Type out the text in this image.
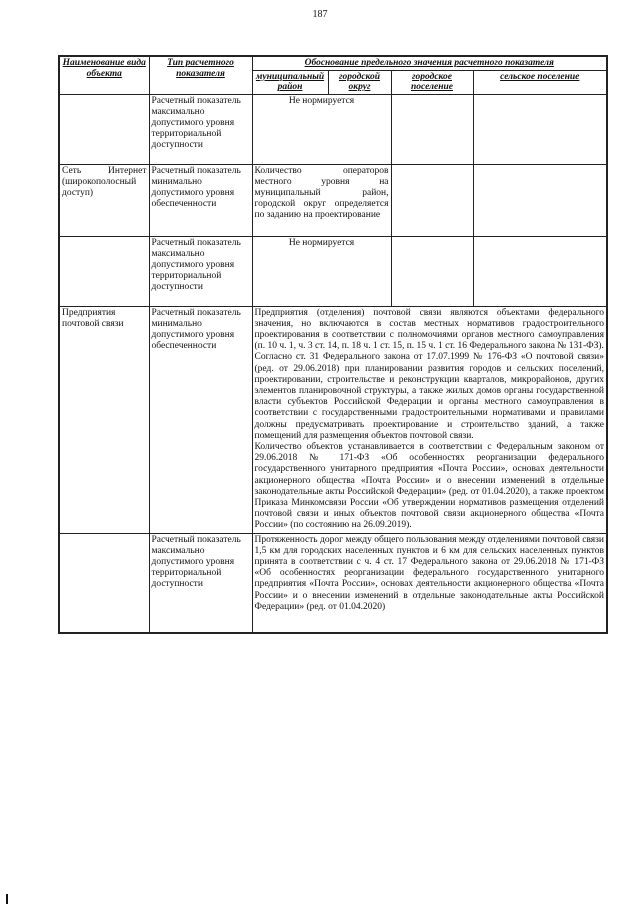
187
Наименование вида объекта	Тип расчетного показателя	Обоснование предельного значения расчетного показателя			
		муниципальный район	городской округ	городское поселение	сельское поселение
	Расчетный показатель максимально допустимого уровня территориальной доступности	Не нормируется			
Сеть Интернет (широкополосный доступ)	Расчетный показатель минимально допустимого уровня обеспеченности	Количество операторов местного уровня на муниципальный район, городской округ определяется по заданию на проектирование			
	Расчетный показатель максимально допустимого уровня территориальной доступности	Не нормируется			
Предприятия почтовой связи	Расчетный показатель минимально допустимого уровня обеспеченности	Предприятия (отделения) почтовой связи являются объектами федерального значения, но включаются в состав местных нормативов градостроительного проектирования в соответствии с полномочиями органов местного самоуправления (п. 10 ч. 1, ч. 3 ст. 14, п. 18 ч. 1 ст. 15, п. 15 ч. 1 ст. 16 Федерального закона № 131-ФЗ).
Согласно ст. 31 Федерального закона от 17.07.1999 № 176-ФЗ «О почтовой связи» (ред. от 29.06.2018) при планировании развития городов и сельских поселений, проектировании, строительстве и реконструкции кварталов, микрорайонов, других элементов планировочной структуры, а также жилых домов органы государственной власти субъектов Российской Федерации и органы местного самоуправления в соответствии с государственными градостроительными нормативами и правилами должны предусматривать проектирование и строительство зданий, а также помещений для размещения объектов почтовой связи.
Количество объектов устанавливается в соответствии с Федеральным законом от 29.06.2018 № 171-ФЗ «Об особенностях реорганизации федерального государственного унитарного предприятия «Почта России», основах деятельности акционерного общества «Почта России» и о внесении изменений в отдельные законодательные акты Российской Федерации» (ред. от 01.04.2020), а также проектом Приказа Минкомсвязи России «Об утверждении нормативов размещения отделений почтовой связи и иных объектов почтовой связи акционерного общества «Почта России» (по состоянию на 26.09.2019).			

	Расчетный показатель максимально допустимого уровня территориальной доступности	Протяженность дорог между общего пользования между отделениями почтовой связи 1,5 км для городских населенных пунктов и 6 км для сельских населенных пунктов принята в соответствии с ч. 4 ст. 17 Федерального закона от 29.06.2018 № 171-ФЗ «Об особенностях реорганизации федерального государственного унитарного предприятия «Почта России», основах деятельности акционерного общества «Почта России» и о внесении изменений в отдельные законодательные акты Российской Федерации» (ред. от 01.04.2020)			
